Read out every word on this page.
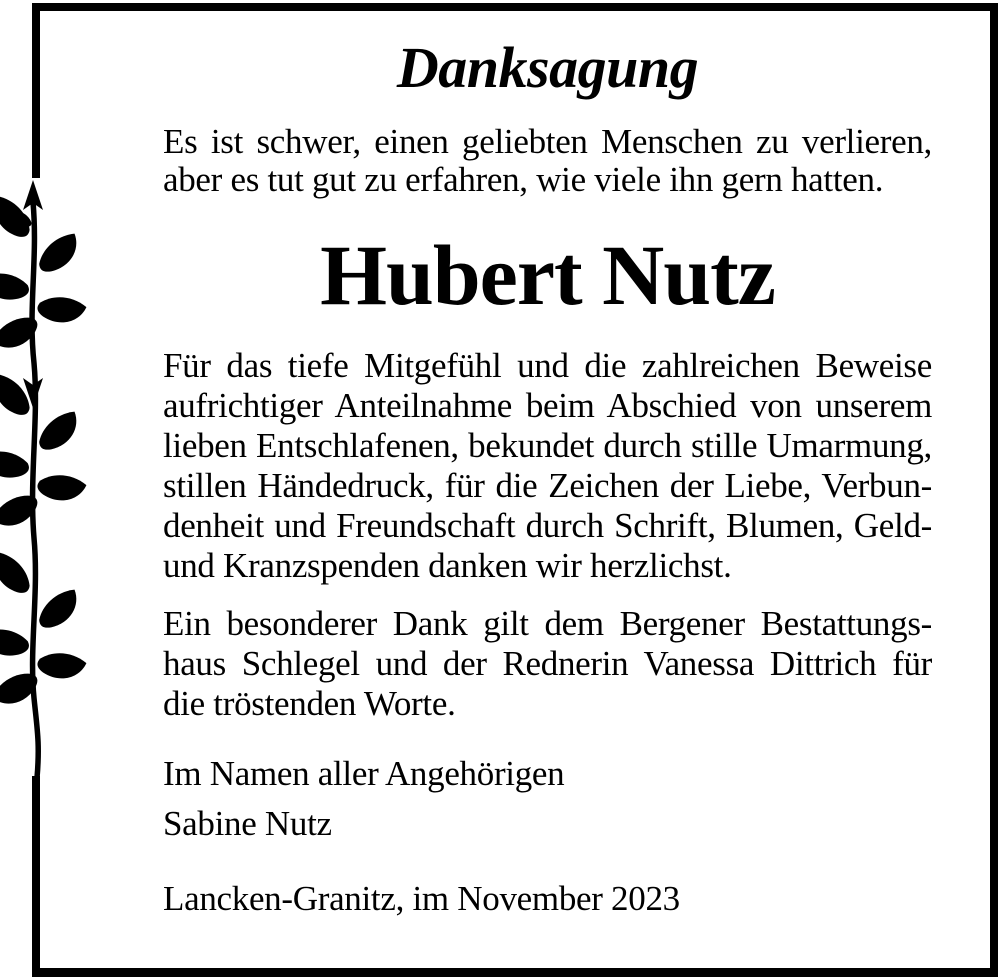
Danksagung
Es ist schwer, einen geliebten Menschen zu verlieren,
aber es tut gut zu erfahren, wie viele ihn gern hatten.
Hubert Nutz
Für das tiefe Mitgefühl und die zahlreichen Beweise
aufrichtiger Anteilnahme beim Abschied von unserem
lieben Entschlafenen, bekundet durch stille Umarmung,
stillen Händedruck, für die Zeichen der Liebe, Verbun-
denheit und Freundschaft durch Schrift, Blumen, Geld-
und Kranzspenden danken wir herzlichst.
Ein besonderer Dank gilt dem Bergener Bestattungs-
haus Schlegel und der Rednerin Vanessa Dittrich für
die tröstenden Worte.
Im Namen aller Angehörigen
Sabine Nutz
Lancken-Granitz, im November 2023
